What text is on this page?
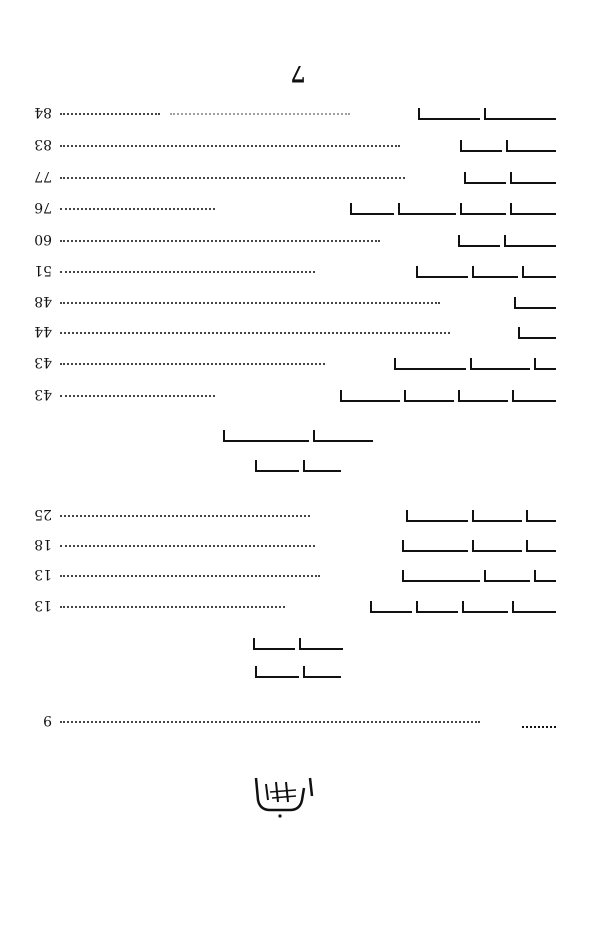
7
84
83
77
76
60
51
48
44
43
43
25
18
13
13
9
